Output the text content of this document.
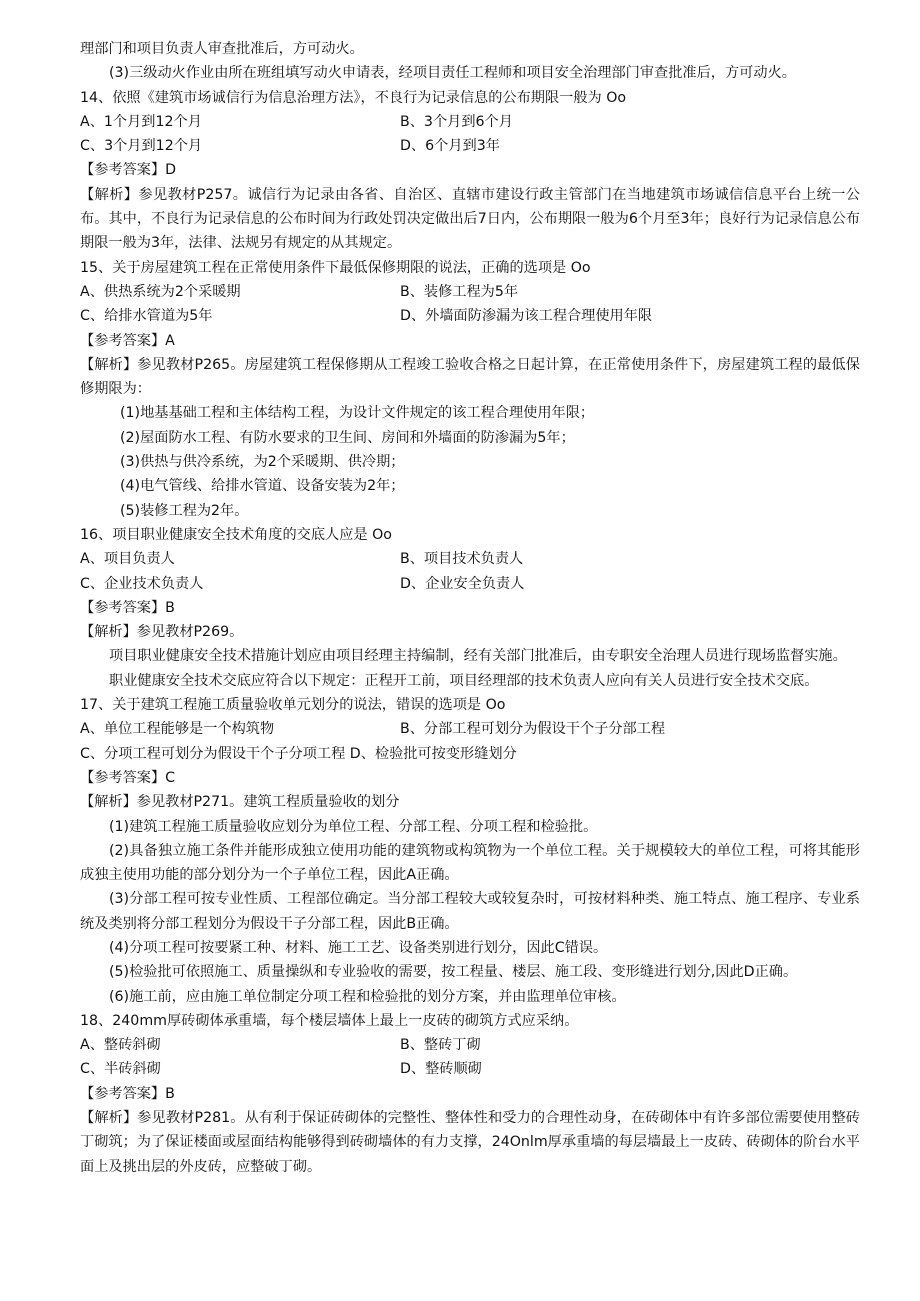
理部门和项目负责人审查批准后，方可动火。

(3)三级动火作业由所在班组填写动火申请表，经项目责任工程师和项目安全治理部门审查批准后，方可动火。

14、依照《建筑市场诚信行为信息治理方法》，不良行为记录信息的公布期限一般为 Oo

A、1个月到12个月	B、3个月到6个月
C、3个月到12个月	D、6个月到3年

【参考答案】D

【解析】参见教材P257。诚信行为记录由各省、自治区、直辖市建设行政主管部门在当地建筑市场诚信信息平台上统一公布。其中，不良行为记录信息的公布时间为行政处罚决定做出后7日内，公布期限一般为6个月至3年；良好行为记录信息公布期限一般为3年，法律、法规另有规定的从其规定。

15、关于房屋建筑工程在正常使用条件下最低保修期限的说法，正确的选项是 Oo

A、供热系统为2个采暖期	B、装修工程为5年
C、给排水管道为5年	D、外墙面防渗漏为该工程合理使用年限

【参考答案】A

【解析】参见教材P265。房屋建筑工程保修期从工程竣工验收合格之日起计算，在正常使用条件下，房屋建筑工程的最低保修期限为：

(1)地基基础工程和主体结构工程，为设计文件规定的该工程合理使用年限；

(2)屋面防水工程、有防水要求的卫生间、房间和外墙面的防渗漏为5年；

(3)供热与供冷系统，为2个采暖期、供冷期；

(4)电气管线、给排水管道、设备安装为2年；

(5)装修工程为2年。

16、项目职业健康安全技术角度的交底人应是 Oo

A、项目负责人	B、项目技术负责人
C、企业技术负责人	D、企业安全负责人

【参考答案】B

【解析】参见教材P269。

项目职业健康安全技术措施计划应由项目经理主持编制，经有关部门批准后，由专职安全治理人员进行现场监督实施。

职业健康安全技术交底应符合以下规定：正程开工前，项目经理部的技术负责人应向有关人员进行安全技术交底。

17、关于建筑工程施工质量验收单元划分的说法，错误的选项是 Oo

A、单位工程能够是一个构筑物	B、分部工程可划分为假设干个子分部工程

C、分项工程可划分为假设干个子分项工程 D、检验批可按变形缝划分

【参考答案】C

【解析】参见教材P271。建筑工程质量验收的划分

(1)建筑工程施工质量验收应划分为单位工程、分部工程、分项工程和检验批。

(2)具备独立施工条件并能形成独立使用功能的建筑物或构筑物为一个单位工程。关于规模较大的单位工程，可将其能形成独主使用功能的部分划分为一个子单位工程，因此A正确。

(3)分部工程可按专业性质、工程部位确定。当分部工程较大或较复杂时，可按材料种类、施工特点、施工程序、专业系统及类别将分部工程划分为假设干子分部工程，因此B正确。

(4)分项工程可按要紧工种、材料、施工工艺、设备类别进行划分，因此C错误。

(5)检验批可依照施工、质量操纵和专业验收的需要，按工程量、楼层、施工段、变形缝进行划分,因此D正确。

(6)施工前，应由施工单位制定分项工程和检验批的划分方案，并由监理单位审核。

18、240mm厚砖砌体承重墙，每个楼层墙体上最上一皮砖的砌筑方式应采纳。

A、整砖斜砌	B、整砖丁砌
C、半砖斜砌	D、整砖顺砌

【参考答案】B

【解析】参见教材P281。从有利于保证砖砌体的完整性、整体性和受力的合理性动身，在砖砌体中有许多部位需要使用整砖丁砌筑；为了保证楼面或屋面结构能够得到砖砌墙体的有力支撑，24Onlm厚承重墙的每层墙最上一皮砖、砖砌体的阶台水平面上及挑出层的外皮砖，应整破丁砌。
